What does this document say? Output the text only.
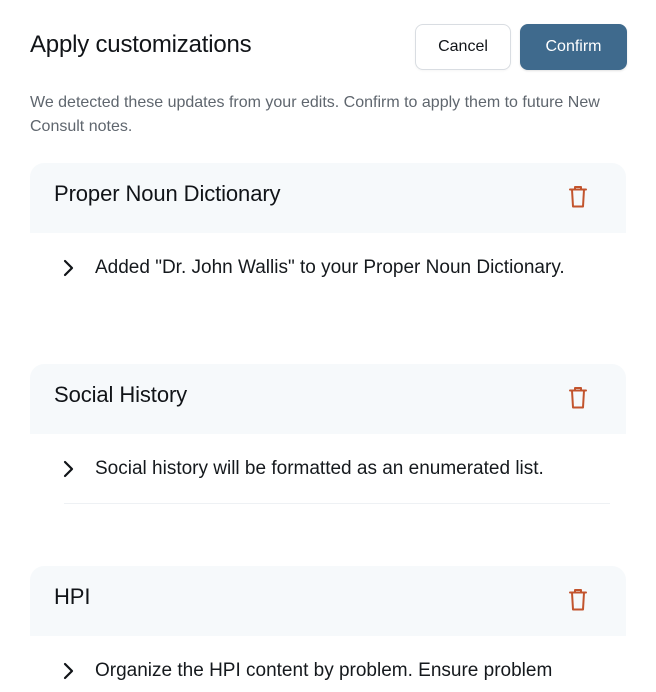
Apply customizations	Cancel	Confirm
We detected these updates from your edits. Confirm to apply them to future New Consult notes.
Proper Noun Dictionary
Added "Dr. John Wallis" to your Proper Noun Dictionary.
Social History
Social history will be formatted as an enumerated list.
HPI
Organize the HPI content by problem. Ensure problem
